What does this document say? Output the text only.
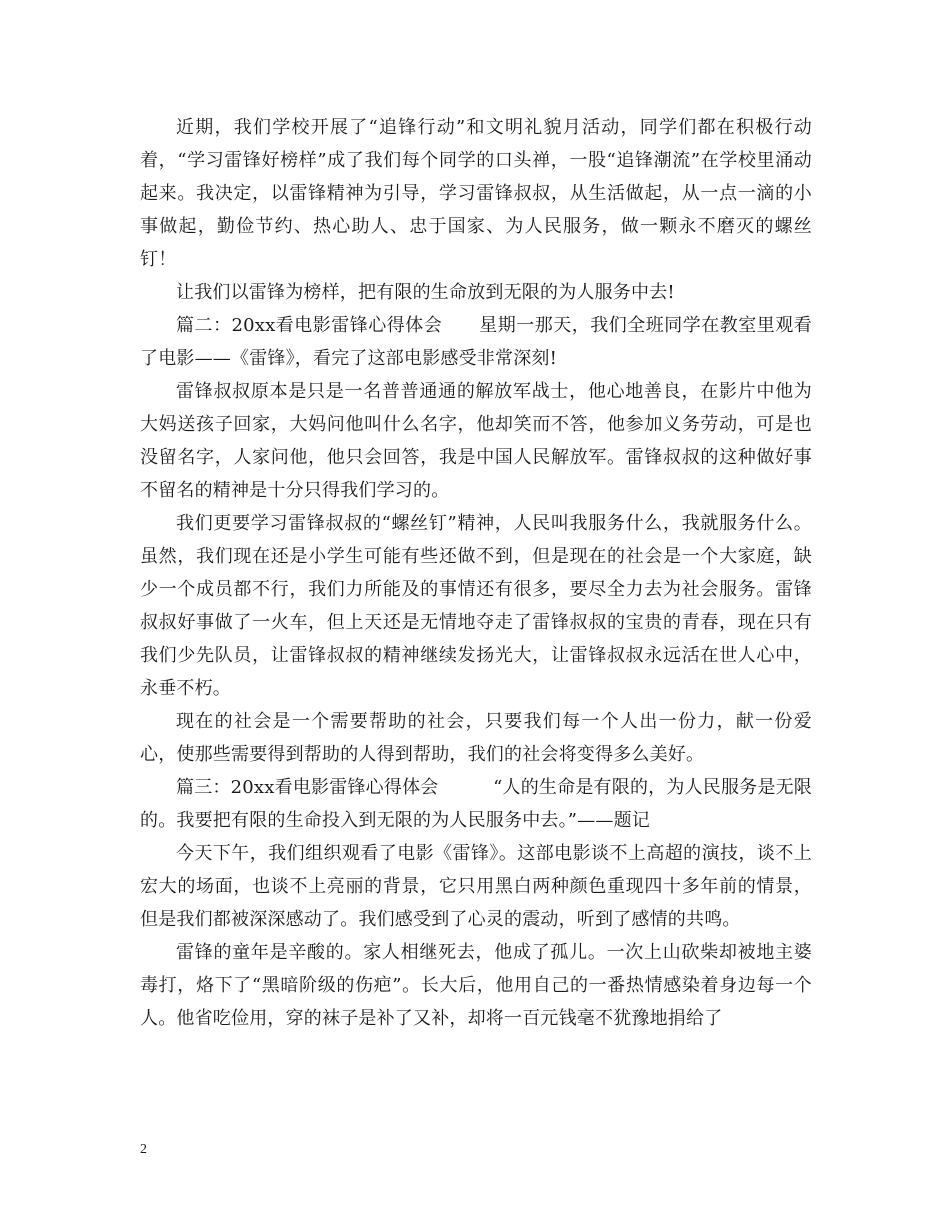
近期，我们学校开展了“追锋行动”和文明礼貌月活动，同学们都在积极行动着，“学习雷锋好榜样”成了我们每个同学的口头禅，一股“追锋潮流”在学校里涌动起来。我决定，以雷锋精神为引导，学习雷锋叔叔，从生活做起，从一点一滴的小事做起，勤俭节约、热心助人、忠于国家、为人民服务，做一颗永不磨灭的螺丝钉！

让我们以雷锋为榜样，把有限的生命放到无限的为人服务中去!

篇二：20xx看电影雷锋心得体会　　星期一那天，我们全班同学在教室里观看了电影——《雷锋》，看完了这部电影感受非常深刻!

雷锋叔叔原本是只是一名普普通通的解放军战士，他心地善良，在影片中他为大妈送孩子回家，大妈问他叫什么名字，他却笑而不答，他参加义务劳动，可是也没留名字，人家问他，他只会回答，我是中国人民解放军。雷锋叔叔的这种做好事不留名的精神是十分只得我们学习的。

我们更要学习雷锋叔叔的“螺丝钉”精神，人民叫我服务什么，我就服务什么。虽然，我们现在还是小学生可能有些还做不到，但是现在的社会是一个大家庭，缺少一个成员都不行，我们力所能及的事情还有很多，要尽全力去为社会服务。雷锋叔叔好事做了一火车，但上天还是无情地夺走了雷锋叔叔的宝贵的青春，现在只有我们少先队员，让雷锋叔叔的精神继续发扬光大，让雷锋叔叔永远活在世人心中，永垂不朽。

现在的社会是一个需要帮助的社会，只要我们每一个人出一份力，献一份爱心，使那些需要得到帮助的人得到帮助，我们的社会将变得多么美好。

篇三：20xx看电影雷锋心得体会　　　“人的生命是有限的，为人民服务是无限的。我要把有限的生命投入到无限的为人民服务中去。”——题记

今天下午，我们组织观看了电影《雷锋》。这部电影谈不上高超的演技，谈不上宏大的场面，也谈不上亮丽的背景，它只用黑白两种颜色重现四十多年前的情景，但是我们都被深深感动了。我们感受到了心灵的震动，听到了感情的共鸣。

雷锋的童年是辛酸的。家人相继死去，他成了孤儿。一次上山砍柴却被地主婆毒打，烙下了“黑暗阶级的伤疤”。长大后，他用自己的一番热情感染着身边每一个人。他省吃俭用，穿的袜子是补了又补，却将一百元钱毫不犹豫地捐给了

2
